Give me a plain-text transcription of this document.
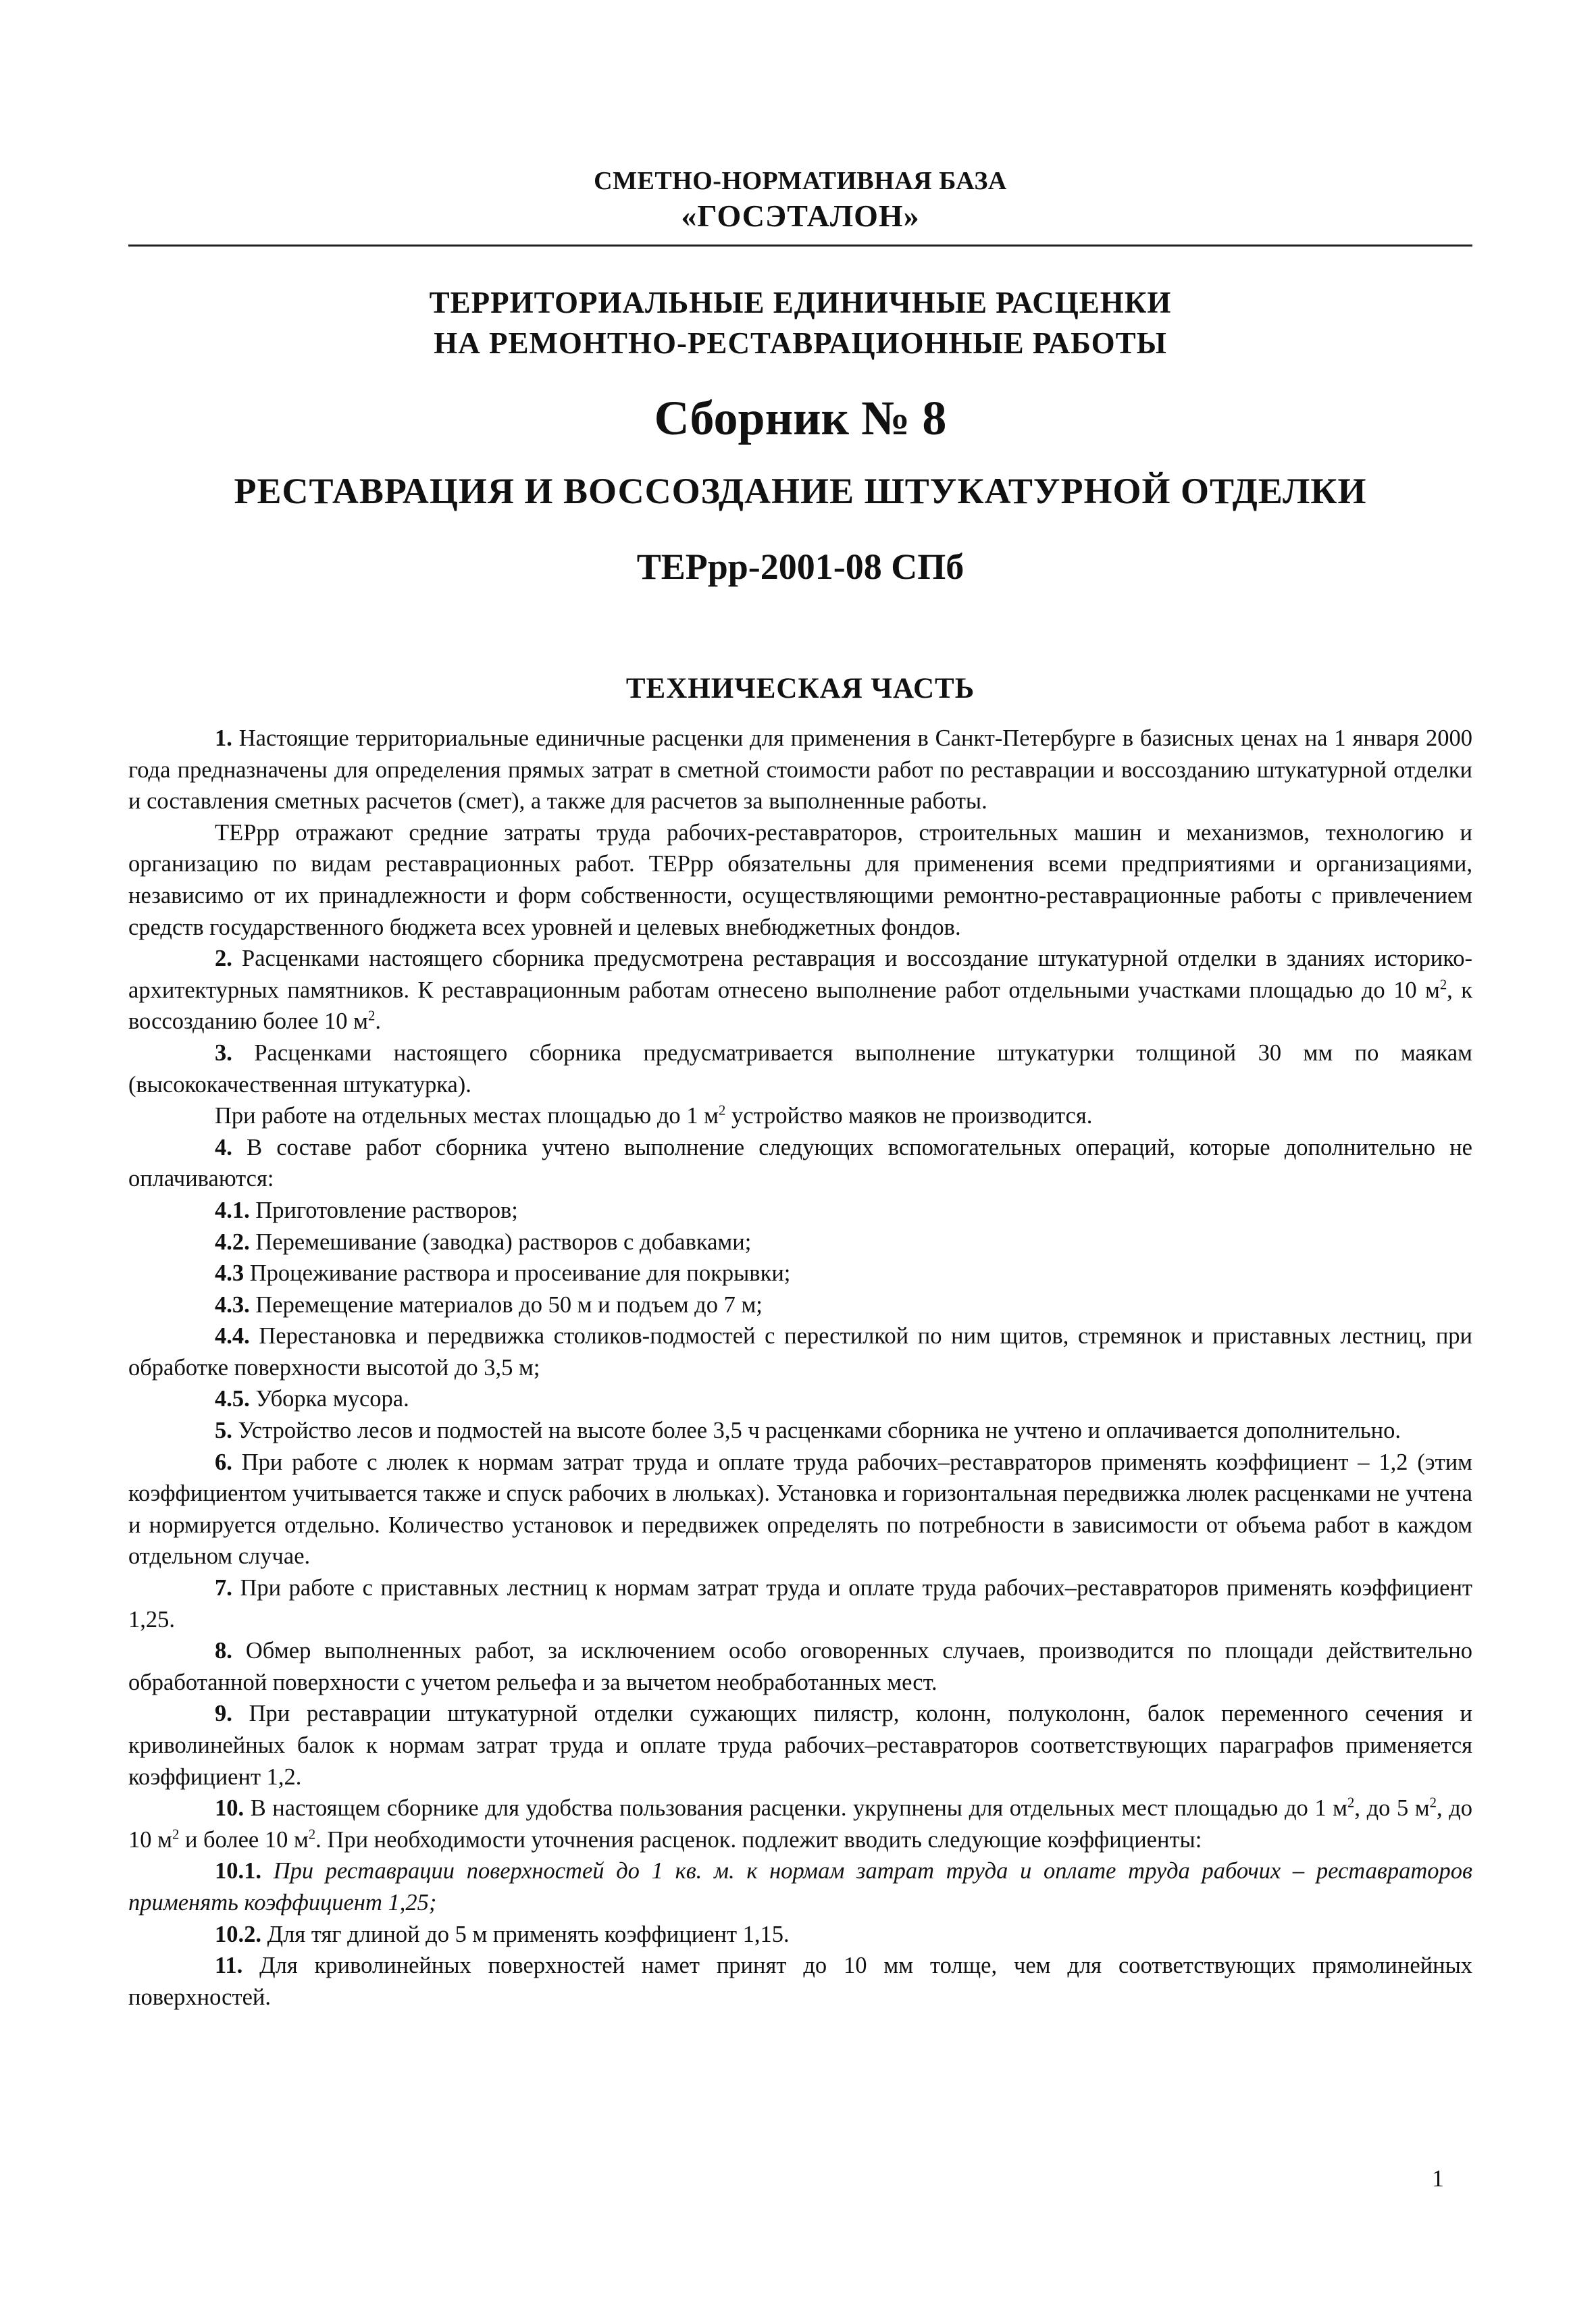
СМЕТНО-НОРМАТИВНАЯ БАЗА
«ГОСЭТАЛОН»
ТЕРРИТОРИАЛЬНЫЕ ЕДИНИЧНЫЕ РАСЦЕНКИ
НА РЕМОНТНО-РЕСТАВРАЦИОННЫЕ РАБОТЫ
Сборник № 8
РЕСТАВРАЦИЯ И ВОССОЗДАНИЕ ШТУКАТУРНОЙ ОТДЕЛКИ
ТЕРрр-2001-08 СПб
ТЕХНИЧЕСКАЯ ЧАСТЬ

1. Настоящие территориальные единичные расценки для применения в Санкт-Петербурге в базисных ценах на 1 января 2000 года предназначены для определения прямых затрат в сметной стоимости работ по реставрации и воссозданию штукатурной отделки и составления сметных расчетов (смет), а также для расчетов за выполненные работы.

ТЕРрр отражают средние затраты труда рабочих-реставраторов, строительных машин и механизмов, технологию и организацию по видам реставрационных работ. ТЕРрр обязательны для применения всеми предприятиями и организациями, независимо от их принадлежности и форм собственности, осуществляющими ремонтно-реставрационные работы с привлечением средств государственного бюджета всех уровней и целевых внебюджетных фондов.

2. Расценками настоящего сборника предусмотрена реставрация и воссоздание штукатурной отделки в зданиях историко-архитектурных памятников. К реставрационным работам отнесено выполнение работ отдельными участками площадью до 10 $м^2$, к воссозданию более 10 $м^2$.

3. Расценками настоящего сборника предусматривается выполнение штукатурки толщиной 30 мм по маякам (высококачественная штукатурка).

При работе на отдельных местах площадью до 1 $м^2$ устройство маяков не производится.

4. В составе работ сборника учтено выполнение следующих вспомогательных операций, которые дополнительно не оплачиваются:

4.1. Приготовление растворов;

4.2. Перемешивание (заводка) растворов с добавками;

4.3 Процеживание раствора и просеивание для покрывки;

4.3. Перемещение материалов до 50 м и подъем до 7 м;

4.4. Перестановка и передвижка столиков-подмостей с перестилкой по ним щитов, стремянок и приставных лестниц, при обработке поверхности высотой до 3,5 м;

4.5. Уборка мусора.

5. Устройство лесов и подмостей на высоте более 3,5 ч расценками сборника не учтено и оплачивается дополнительно.

6. При работе с люлек к нормам затрат труда и оплате труда рабочих–реставраторов применять коэффициент – 1,2 (этим коэффициентом учитывается также и спуск рабочих в люльках). Установка и горизонтальная передвижка люлек расценками не учтена и нормируется отдельно. Количество установок и передвижек определять по потребности в зависимости от объема работ в каждом отдельном случае.

7. При работе с приставных лестниц к нормам затрат труда и оплате труда рабочих–реставраторов применять коэффициент 1,25.

8. Обмер выполненных работ, за исключением особо оговоренных случаев, производится по площади действительно обработанной поверхности с учетом рельефа и за вычетом необработанных мест.

9. При реставрации штукатурной отделки сужающих пилястр, колонн, полуколонн, балок переменного сечения и криволинейных балок к нормам затрат труда и оплате труда рабочих–реставраторов соответствующих параграфов применяется коэффициент 1,2.

10. В настоящем сборнике для удобства пользования расценки. укрупнены для отдельных мест площадью до 1 $м^2$, до 5 $м^2$, до 10 $м^2$ и более 10 $м^2$. При необходимости уточнения расценок. подлежит вводить следующие коэффициенты:

10.1. При реставрации поверхностей до 1 кв. м. к нормам затрат труда и оплате труда рабочих – реставраторов применять коэффициент 1,25;

10.2. Для тяг длиной до 5 м применять коэффициент 1,15.

11. Для криволинейных поверхностей намет принят до 10 мм толще, чем для соответствующих прямолинейных поверхностей.

1
